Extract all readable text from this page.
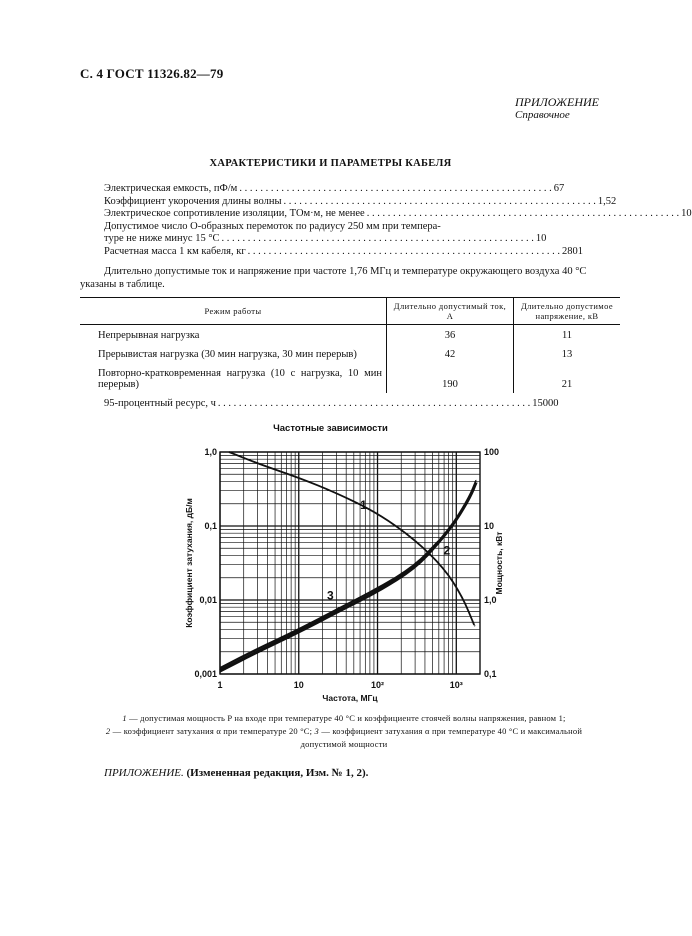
С. 4 ГОСТ 11326.82—79
ПРИЛОЖЕНИЕ
Справочное
ХАРАКТЕРИСТИКИ И ПАРАМЕТРЫ КАБЕЛЯ
Электрическая емкость, пФ/м . . . . . . . . . . . . . . . . . . . . . . . . . . . . . . . . . . . . . . . . . . . . . . . . . . . . . . . . . . . . 67
Коэффициент укорочения длины волны . . . . . . . . . . . . . . . . . . . . . . . . . . . . . . . . . . . . . . . . . . . . . . . . . . . . . . . . . . . . 1,52
Электрическое сопротивление изоляции, ТОм·м, не менее . . . . . . . . . . . . . . . . . . . . . . . . . . . . . . . . . . . . . . . . . . . . . . . . . . . . . . . . . . . . 10
Допустимое число О-образных перемоток по радиусу 250 мм при темпера-
туре не ниже минус 15 °С . . . . . . . . . . . . . . . . . . . . . . . . . . . . . . . . . . . . . . . . . . . . . . . . . . . . . . . . . . . . 10
Расчетная масса 1 км кабеля, кг . . . . . . . . . . . . . . . . . . . . . . . . . . . . . . . . . . . . . . . . . . . . . . . . . . . . . . . . . . . . 2801
Длительно допустимые ток и напряжение при частоте 1,76 МГц и температуре окружающего воздуха 40 °С указаны в таблице.
Режим работы	Длительно допустимый ток, А	Длительно допустимое напряжение, кВ
Непрерывная нагрузка	36	11
Прерывистая нагрузка (30 мин нагрузка, 30 мин перерыв)	42	13
Повторно-кратковременная нагрузка (10 с нагрузка, 10 мин перерыв)	190	21
95-процентный ресурс, ч . . . . . . . . . . . . . . . . . . . . . . . . . . . . . . . . . . . . . . . . . . . . . . . . . . . . . . . . . . . . 15000
Частотные зависимости
1	10	10²	10³
0,001
0,01
0,1
1,0
0,1
1,0
10
100
Частота, МГц
Коэффициент затухания, дБ/м	Мощность, кВт
1
2
3
1 — допустимая мощность P на входе при температуре 40 °С и коэффициенте стоячей волны напряжения, равном 1;
2 — коэффициент затухания α при температуре 20 °С; 3 — коэффициент затухания α при температуре 40 °С и максимальной допустимой мощности
ПРИЛОЖЕНИЕ. (Измененная редакция, Изм. № 1, 2).
